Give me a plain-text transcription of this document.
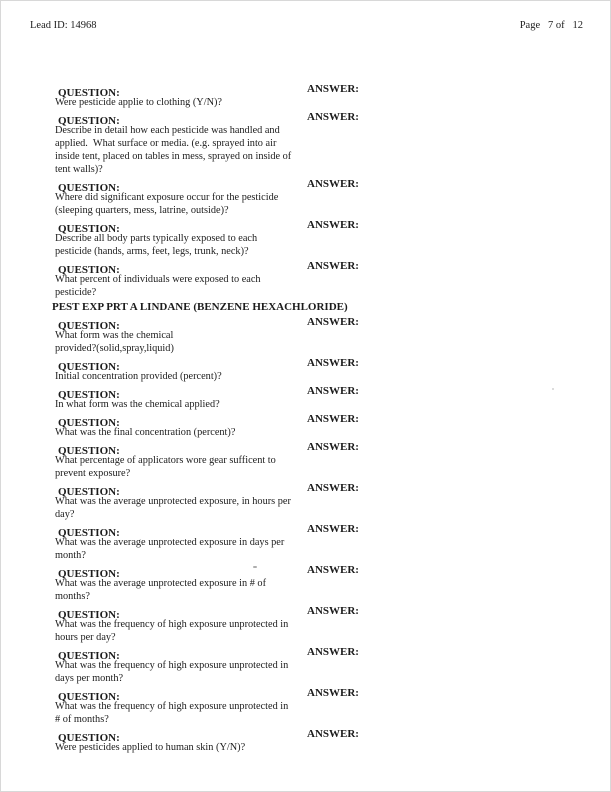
Lead ID: 14968	Page   7 of   12
QUESTION:	ANSWER:
Were pesticide applie to clothing (Y/N)?
QUESTION:	ANSWER:
Describe in detail how each pesticide was handled and
applied.  What surface or media. (e.g. sprayed into air
inside tent, placed on tables in mess, sprayed on inside of
tent walls)?
QUESTION:	ANSWER:
Where did significant exposure occur for the pesticide
(sleeping quarters, mess, latrine, outside)?
QUESTION:	ANSWER:
Describe all body parts typically exposed to each
pesticide (hands, arms, feet, legs, trunk, neck)?
QUESTION:	ANSWER:
What percent of individuals were exposed to each
pesticide?
PEST EXP PRT A LINDANE (BENZENE HEXACHLORIDE)
QUESTION:	ANSWER:
What form was the chemical
provided?(solid,spray,liquid)
QUESTION:	ANSWER:
Initial concentration provided (percent)?
QUESTION:	ANSWER:
In what form was the chemical applied?
QUESTION:	ANSWER:
What was the final concentration (percent)?
QUESTION:	ANSWER:
What percentage of applicators wore gear sufficent to
prevent exposure?
QUESTION:	ANSWER:
What was the average unprotected exposure, in hours per
day?
QUESTION:	ANSWER:
What was the average unprotected exposure in days per
month?
QUESTION:	ANSWER:
What was the average unprotected exposure in # of
months?
QUESTION:	ANSWER:
What was the frequency of high exposure unprotected in
hours per day?
QUESTION:	ANSWER:
What was the frequency of high exposure unprotected in
days per month?
QUESTION:	ANSWER:
What was the frequency of high exposure unprotected in
# of months?
QUESTION:	ANSWER:
Were pesticides applied to human skin (Y/N)?
